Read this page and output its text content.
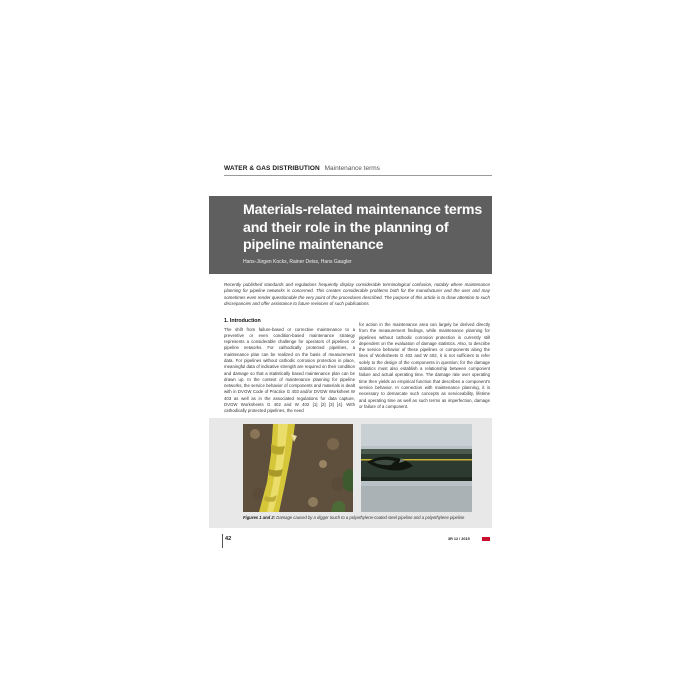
WATER & GAS DISTRIBUTION Maintenance terms
Materials-related maintenance terms and their role in the planning of pipeline maintenance
Hans-Jürgen Kocks, Rainer Deiss, Hans Gaugler

Recently published standards and regulations frequently display considerable terminological confusion, notably where maintenance planning for pipeline networks is concerned. This creates considerable problems both for the manufacturer and the user and may sometimes even render questionable the very point of the procedures described. The purpose of this article is to draw attention to such discrepancies and offer assistance to future revisions of such publications.

1. Introduction

The shift from failure-based or corrective maintenance to a preventive or even condition-based maintenance strategy represents a considerable challenge for operators of pipelines or pipeline networks. For cathodically protected pipelines, a maintenance plan can be realized on the basis of measurement data. For pipelines without cathodic corrosion protection in place, meaningful data of indicative strength are required on their condition and damage so that a statistically based maintenance plan can be drawn up. In the context of maintenance planning for pipeline networks, the service behavior of components and materials is dealt with in DVGW Code of Practice G 403 and/or DVGW Worksheet W 403 as well as in the associated regulations for data capture, DVGW Worksheets G 402 and W 402 [1] [2] [3] [4]. With cathodically protected pipelines, the need

for action in the maintenance area can largely be derived directly from the measurement findings, while maintenance planning for pipelines without cathodic corrosion protection is currently still dependent on the evaluation of damage statistics. Also, to describe the service behavior of these pipelines or components along the lines of Worksheets G 402 and W 402, it is not sufficient to refer solely to the design of the components in question; for the damage statistics must also establish a relationship between component failure and actual operating time. The damage rate over operating time then yields an empirical function that describes a component's service behavior. In connection with maintenance planning, it is necessary to demarcate such concepts as serviceability, lifetime and operating time as well as such terms as imperfection, damage or failure of a component.

Figures 1 and 2: Damage caused by a digger touch to a polyethylene-coated steel pipeline and a polyethylene pipeline
42	3R 12 / 2015
